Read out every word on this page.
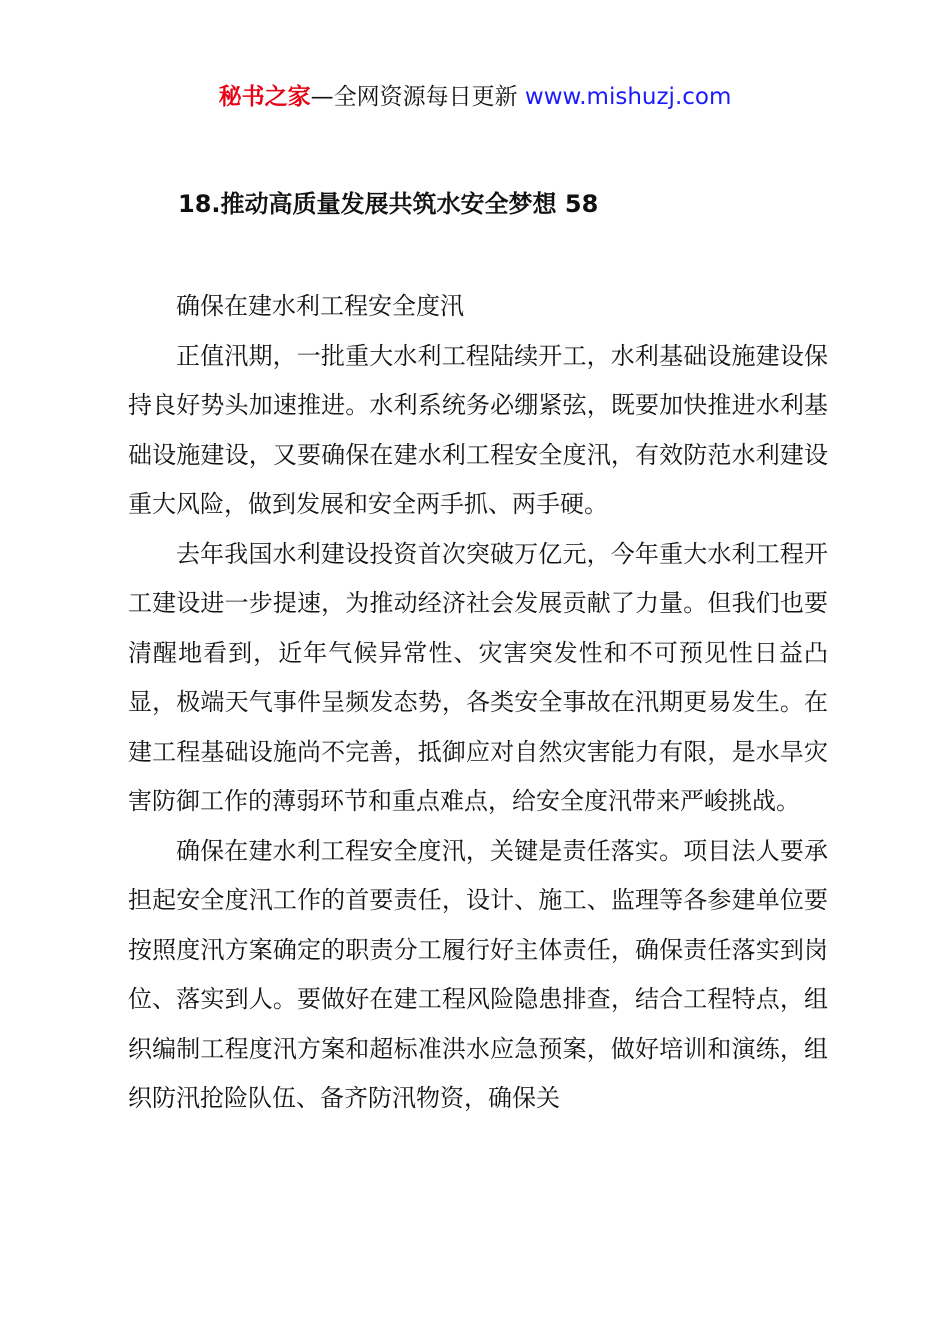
秘书之家—全网资源每日更新 www.mishuzj.com
18.推动高质量发展共筑水安全梦想 58

确保在建水利工程安全度汛

正值汛期，一批重大水利工程陆续开工，水利基础设施建设保持良好势头加速推进。水利系统务必绷紧弦，既要加快推进水利基础设施建设，又要确保在建水利工程安全度汛，有效防范水利建设重大风险，做到发展和安全两手抓、两手硬。

去年我国水利建设投资首次突破万亿元，今年重大水利工程开工建设进一步提速，为推动经济社会发展贡献了力量。但我们也要清醒地看到，近年气候异常性、灾害突发性和不可预见性日益凸显，极端天气事件呈频发态势，各类安全事故在汛期更易发生。在建工程基础设施尚不完善，抵御应对自然灾害能力有限，是水旱灾害防御工作的薄弱环节和重点难点，给安全度汛带来严峻挑战。

确保在建水利工程安全度汛，关键是责任落实。项目法人要承担起安全度汛工作的首要责任，设计、施工、监理等各参建单位要按照度汛方案确定的职责分工履行好主体责任，确保责任落实到岗位、落实到人。要做好在建工程风险隐患排查，结合工程特点，组织编制工程度汛方案和超标准洪水应急预案，做好培训和演练，组织防汛抢险队伍、备齐防汛物资，确保关
